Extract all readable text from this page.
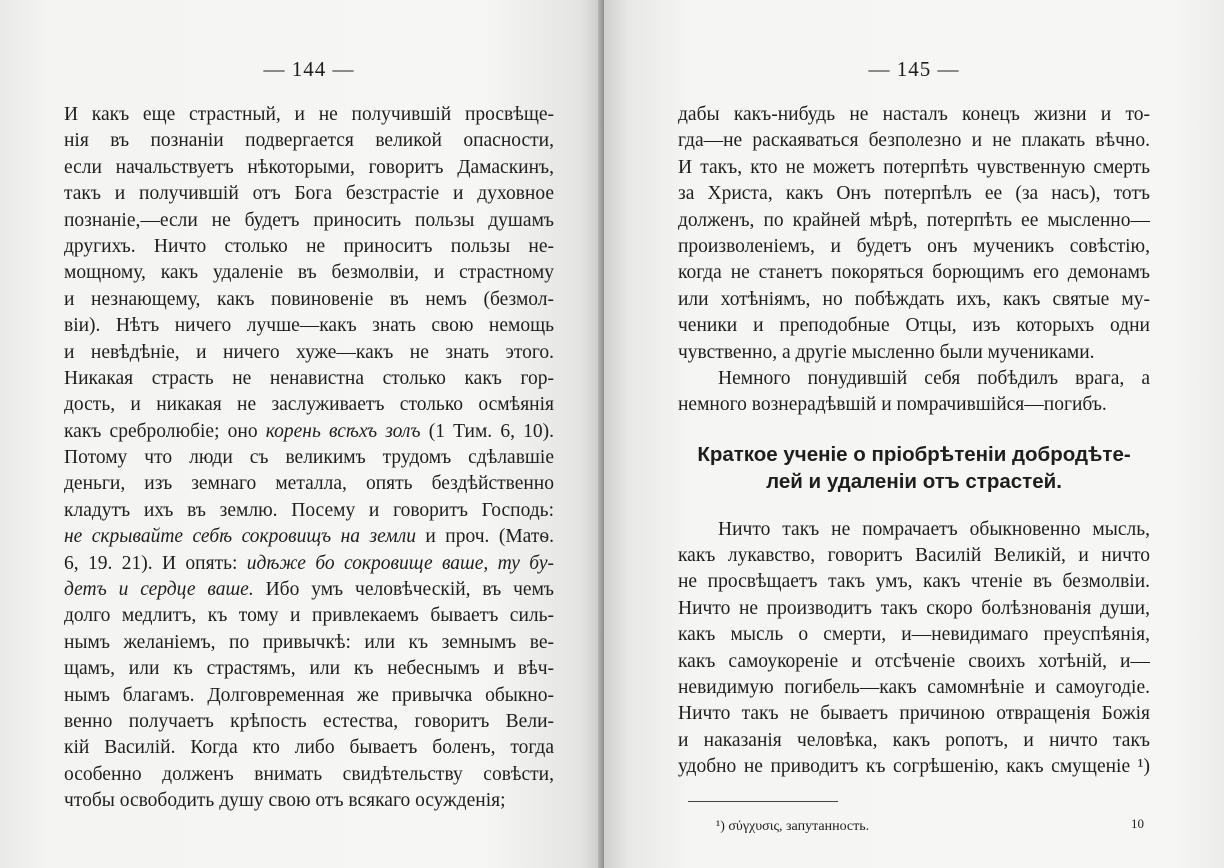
— 144 —
И какъ еще страстный, и не получившій просвѣще-
нія въ познаніи подвергается великой опасности,
если начальствуетъ нѣкоторыми, говоритъ Дамаскинъ,
такъ и получившій отъ Бога безстрастіе и духовное
познаніе,—если не будетъ приносить пользы душамъ
другихъ. Ничто столько не приноситъ пользы не-
мощному, какъ удаленіе въ безмолвіи, и страстному
и незнающему, какъ повиновеніе въ немъ (безмол-
віи). Нѣтъ ничего лучше—какъ знать свою немощь
и невѣдѣніе, и ничего хуже—какъ не знать этого.
Никакая страсть не ненавистна столько какъ гор-
дость, и никакая не заслуживаетъ столько осмѣянія
какъ сребролюбіе; оно корень всѣхъ золъ (1 Тим. 6, 10).
Потому что люди съ великимъ трудомъ сдѣлавшіе
деньги, изъ земнаго металла, опять бездѣйственно
кладутъ ихъ въ землю. Посему и говоритъ Господь:
не скрывайте себѣ сокровищъ на земли и проч. (Матѳ.
6, 19. 21). И опять: идѣже бо сокровище ваше, ту бу-
детъ и сердце ваше. Ибо умъ человѣческій, въ чемъ
долго медлитъ, къ тому и привлекаемъ бываетъ силь-
нымъ желаніемъ, по привычкѣ: или къ земнымъ ве-
щамъ, или къ страстямъ, или къ небеснымъ и вѣч-
нымъ благамъ. Долговременная же привычка обыкно-
венно получаетъ крѣпость естества, говоритъ Вели-
кій Василій. Когда кто либо бываетъ боленъ, тогда
особенно долженъ внимать свидѣтельству совѣсти,
чтобы освободить душу свою отъ всякаго осужденія;
— 145 —
дабы какъ-нибудь не насталъ конецъ жизни и то-
гда—не раскаяваться безполезно и не плакать вѣчно.
И такъ, кто не можетъ потерпѣть чувственную смерть
за Христа, какъ Онъ потерпѣлъ ее (за насъ), тотъ
долженъ, по крайней мѣрѣ, потерпѣть ее мысленно—
произволеніемъ, и будетъ онъ мученикъ совѣстію,
когда не станетъ покоряться борющимъ его демонамъ
или хотѣніямъ, но побѣждать ихъ, какъ святые му-
ченики и преподобные Отцы, изъ которыхъ одни
чувственно, а другіе мысленно были мучениками.
Немного понудившій себя побѣдилъ врага, а
немного вознерадѣвшій и помрачившійся—погибъ.
Краткое ученіе о пріобрѣтеніи добродѣте-
лей и удаленіи отъ страстей.
Ничто такъ не помрачаетъ обыкновенно мысль,
какъ лукавство, говоритъ Василій Великій, и ничто
не просвѣщаетъ такъ умъ, какъ чтеніе въ безмолвіи.
Ничто не производитъ такъ скоро болѣзнованія души,
какъ мысль о смерти, и—невидимаго преуспѣянія,
какъ самоукореніе и отсѣченіе своихъ хотѣній, и—
невидимую погибель—какъ самомнѣніе и самоугодіе.
Ничто такъ не бываетъ причиною отвращенія Божія
и наказанія человѣка, какъ ропотъ, и ничто такъ
удобно не приводитъ къ согрѣшенію, какъ смущеніе ¹)
¹) σύγχυσις, запутанность.	10
